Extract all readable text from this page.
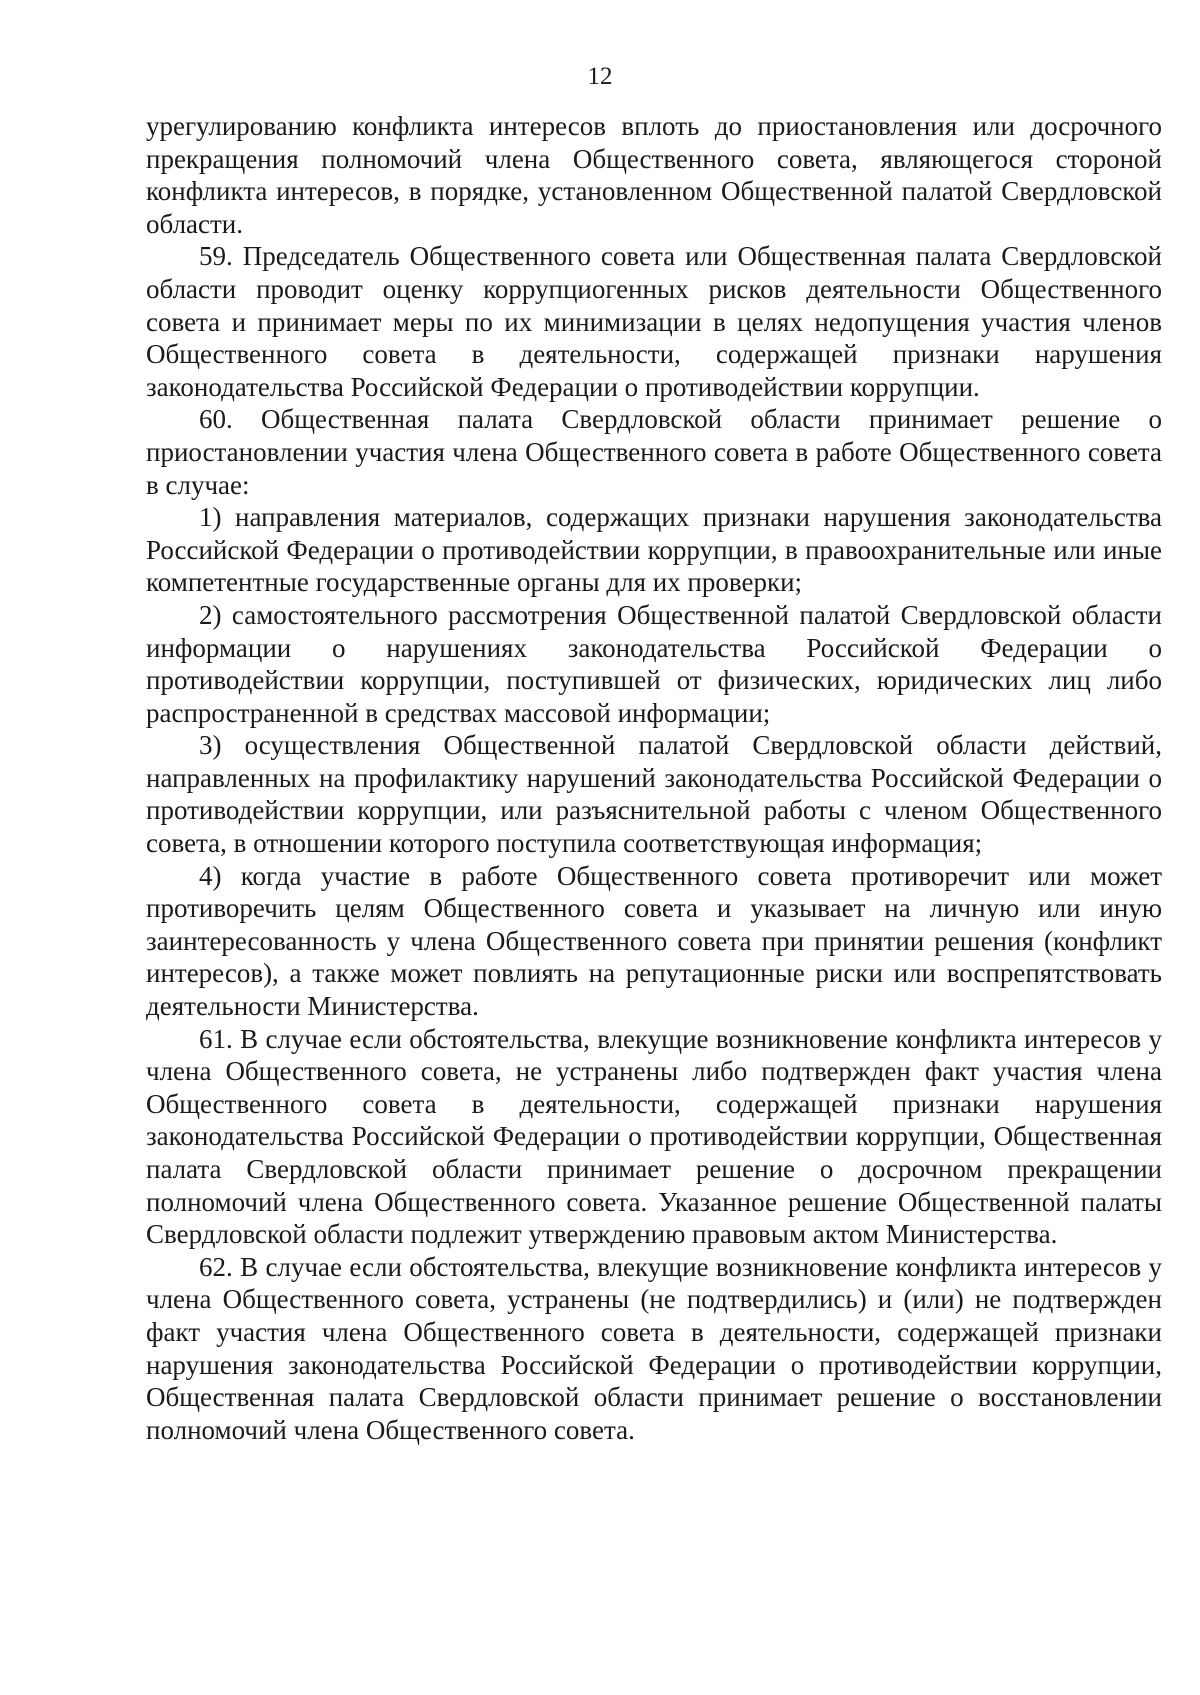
12

урегулированию конфликта интересов вплоть до приостановления или досрочного прекращения полномочий члена Общественного совета, являющегося стороной конфликта интересов, в порядке, установленном Общественной палатой Свердловской области.

59. Председатель Общественного совета или Общественная палата Свердловской области проводит оценку коррупциогенных рисков деятельности Общественного совета и принимает меры по их минимизации в целях недопущения участия членов Общественного совета в деятельности, содержащей признаки нарушения законодательства Российской Федерации о противодействии коррупции.

60. Общественная палата Свердловской области принимает решение о приостановлении участия члена Общественного совета в работе Общественного совета в случае:

1) направления материалов, содержащих признаки нарушения законодательства Российской Федерации о противодействии коррупции, в правоохранительные или иные компетентные государственные органы для их проверки;

2) самостоятельного рассмотрения Общественной палатой Свердловской области информации о нарушениях законодательства Российской Федерации о противодействии коррупции, поступившей от физических, юридических лиц либо распространенной в средствах массовой информации;

3) осуществления Общественной палатой Свердловской области действий, направленных на профилактику нарушений законодательства Российской Федерации о противодействии коррупции, или разъяснительной работы с членом Общественного совета, в отношении которого поступила соответствующая информация;

4) когда участие в работе Общественного совета противоречит или может противоречить целям Общественного совета и указывает на личную или иную заинтересованность у члена Общественного совета при принятии решения (конфликт интересов), а также может повлиять на репутационные риски или воспрепятствовать деятельности Министерства.

61. В случае если обстоятельства, влекущие возникновение конфликта интересов у члена Общественного совета, не устранены либо подтвержден факт участия члена Общественного совета в деятельности, содержащей признаки нарушения законодательства Российской Федерации о противодействии коррупции, Общественная палата Свердловской области принимает решение о досрочном прекращении полномочий члена Общественного совета. Указанное решение Общественной палаты Свердловской области подлежит утверждению правовым актом Министерства.

62. В случае если обстоятельства, влекущие возникновение конфликта интересов у члена Общественного совета, устранены (не подтвердились) и (или) не подтвержден факт участия члена Общественного совета в деятельности, содержащей признаки нарушения законодательства Российской Федерации о противодействии коррупции, Общественная палата Свердловской области принимает решение о восстановлении полномочий члена Общественного совета.
